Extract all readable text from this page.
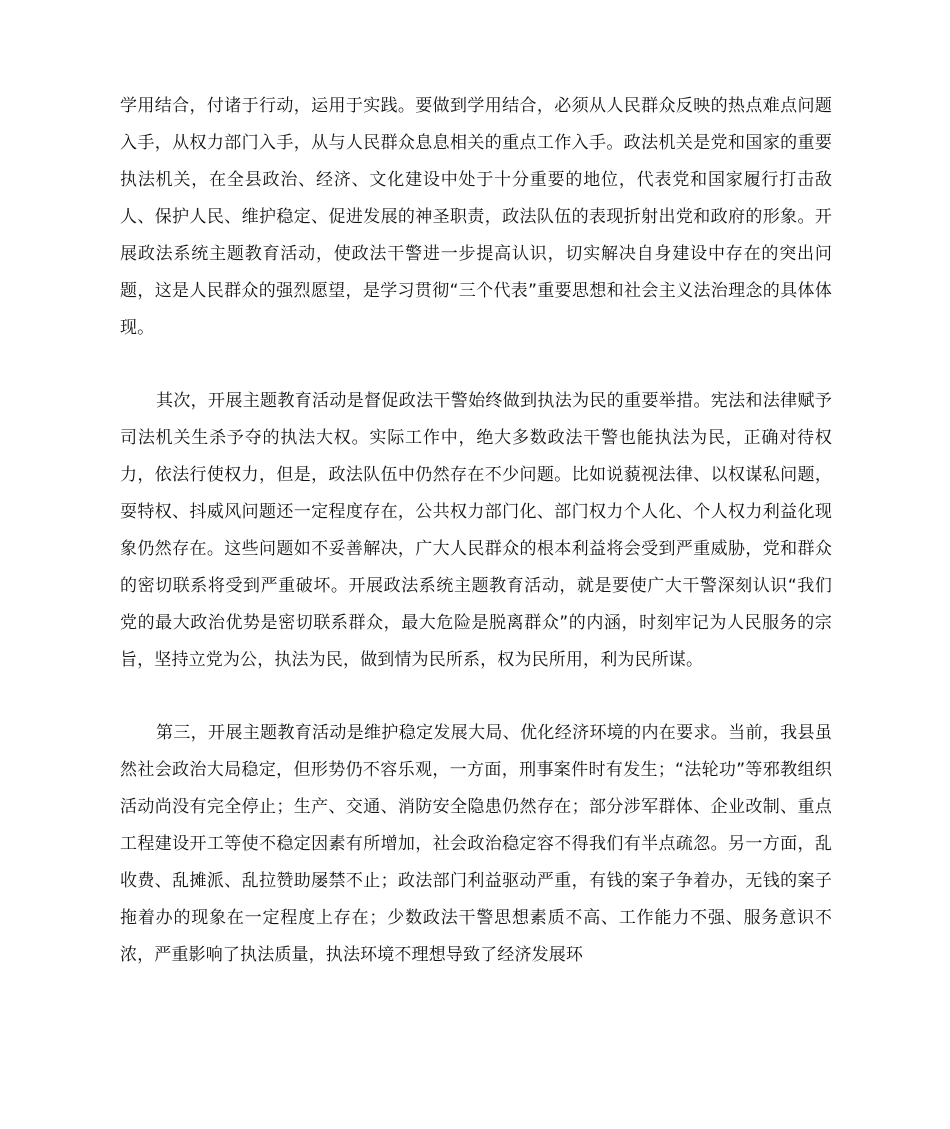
学用结合，付诸于行动，运用于实践。要做到学用结合，必须从人民群众反映的热点难点问题入手，从权力部门入手，从与人民群众息息相关的重点工作入手。政法机关是党和国家的重要执法机关，在全县政治、经济、文化建设中处于十分重要的地位，代表党和国家履行打击敌人、保护人民、维护稳定、促进发展的神圣职责，政法队伍的表现折射出党和政府的形象。开展政法系统主题教育活动，使政法干警进一步提高认识，切实解决自身建设中存在的突出问题，这是人民群众的强烈愿望，是学习贯彻“三个代表”重要思想和社会主义法治理念的具体体现。

其次，开展主题教育活动是督促政法干警始终做到执法为民的重要举措。宪法和法律赋予司法机关生杀予夺的执法大权。实际工作中，绝大多数政法干警也能执法为民，正确对待权力，依法行使权力，但是，政法队伍中仍然存在不少问题。比如说藐视法律、以权谋私问题，耍特权、抖威风问题还一定程度存在，公共权力部门化、部门权力个人化、个人权力利益化现象仍然存在。这些问题如不妥善解决，广大人民群众的根本利益将会受到严重威胁，党和群众的密切联系将受到严重破坏。开展政法系统主题教育活动，就是要使广大干警深刻认识“我们党的最大政治优势是密切联系群众，最大危险是脱离群众”的内涵，时刻牢记为人民服务的宗旨，坚持立党为公，执法为民，做到情为民所系，权为民所用，利为民所谋。

第三，开展主题教育活动是维护稳定发展大局、优化经济环境的内在要求。当前，我县虽然社会政治大局稳定，但形势仍不容乐观，一方面，刑事案件时有发生；“法轮功”等邪教组织活动尚没有完全停止；生产、交通、消防安全隐患仍然存在；部分涉军群体、企业改制、重点工程建设开工等使不稳定因素有所增加，社会政治稳定容不得我们有半点疏忽。另一方面，乱收费、乱摊派、乱拉赞助屡禁不止；政法部门利益驱动严重，有钱的案子争着办，无钱的案子拖着办的现象在一定程度上存在；少数政法干警思想素质不高、工作能力不强、服务意识不浓，严重影响了执法质量，执法环境不理想导致了经济发展环
